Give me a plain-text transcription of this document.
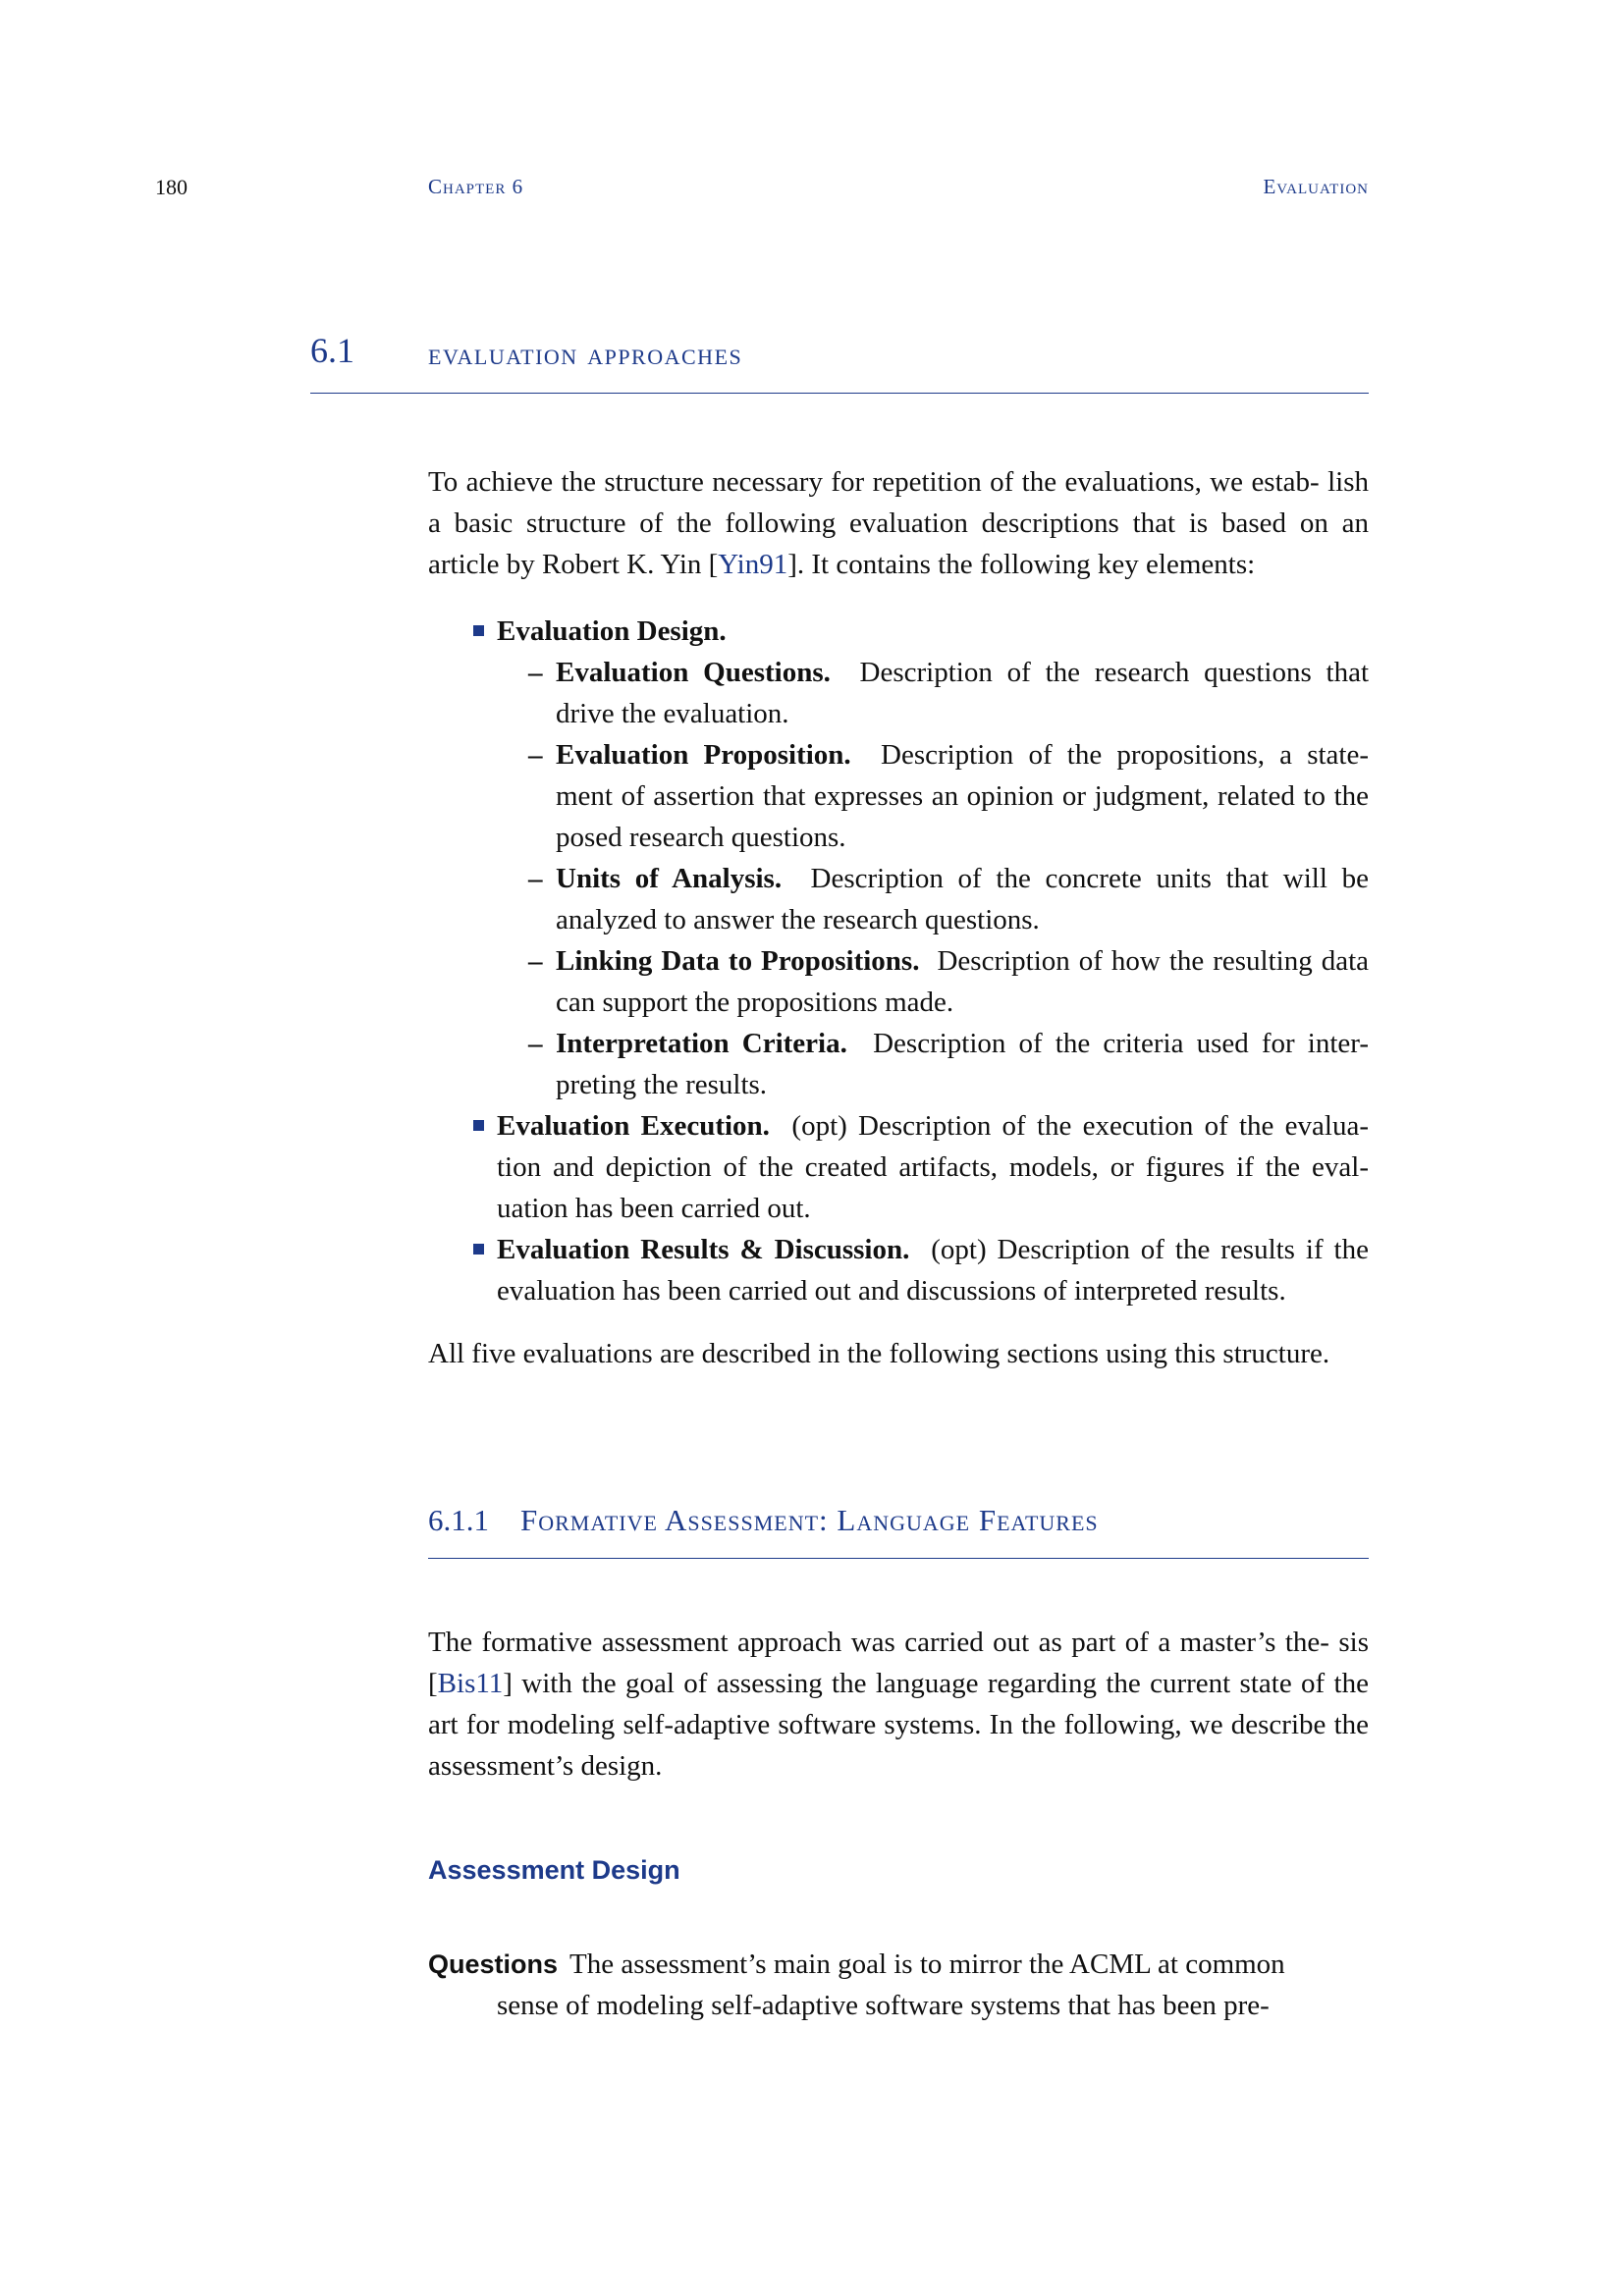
180	Chapter 6	Evaluation
6.1 evaluation approaches
To achieve the structure necessary for repetition of the evaluations, we estab- lish a basic structure of the following evaluation descriptions that is based on an article by Robert K. Yin [Yin91]. It contains the following key elements:
Evaluation Design.
– Evaluation Questions. Description of the research questions that drive the evaluation.
– Evaluation Proposition. Description of the propositions, a state- ment of assertion that expresses an opinion or judgment, related to the posed research questions.
– Units of Analysis. Description of the concrete units that will be analyzed to answer the research questions.
– Linking Data to Propositions. Description of how the resulting data can support the propositions made.
– Interpretation Criteria. Description of the criteria used for inter- preting the results.
Evaluation Execution. (opt) Description of the execution of the evalua- tion and depiction of the created artifacts, models, or figures if the eval- uation has been carried out.
Evaluation Results & Discussion. (opt) Description of the results if the evaluation has been carried out and discussions of interpreted results.
All five evaluations are described in the following sections using this structure.
6.1.1 Formative Assessment: Language Features
The formative assessment approach was carried out as part of a master’s the- sis [Bis11] with the goal of assessing the language regarding the current state of the art for modeling self-adaptive software systems. In the following, we describe the assessment’s design.
Assessment Design
Questions The assessment’s main goal is to mirror the ACML at common
sense of modeling self-adaptive software systems that has been pre-
